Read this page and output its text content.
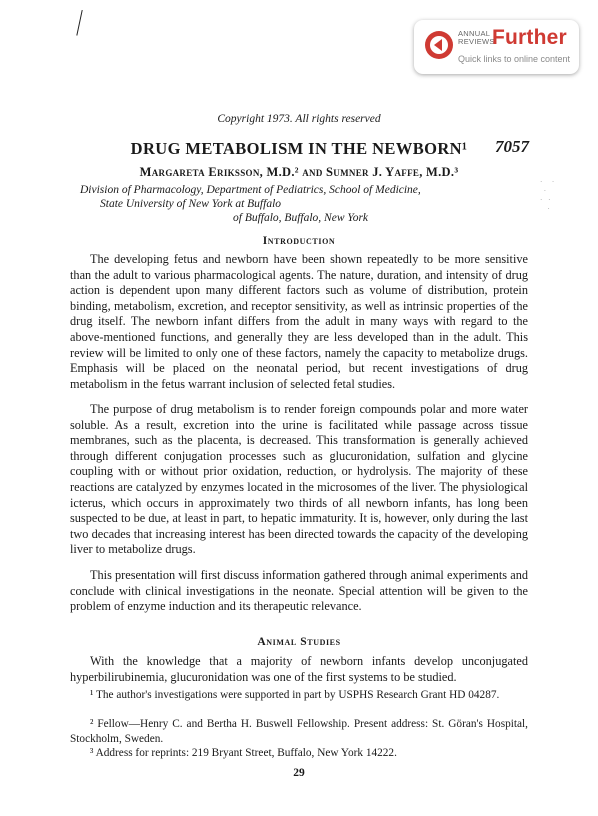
ANNUAL REVIEWS
Further
Quick links to online content
Copyright 1973. All rights reserved
DRUG METABOLISM IN THE NEWBORN¹	7057
Margareta Eriksson, M.D.² and Sumner J. Yaffe, M.D.³
Division of Pharmacology, Department of Pediatrics, School of Medicine,
State University of New York at Buffalo
of Buffalo, Buffalo, New York
·  ·
·
· ·
·
Introduction
The developing fetus and newborn have been shown repeatedly to be more sensitive than the adult to various pharmacological agents. The nature, duration, and intensity of drug action is dependent upon many different factors such as volume of distribution, protein binding, metabolism, excretion, and receptor sensitivity, as well as intrinsic properties of the drug itself. The newborn infant differs from the adult in many ways with regard to the above-mentioned functions, and generally they are less developed than in the adult. This review will be limited to only one of these factors, namely the capacity to metabolize drugs. Emphasis will be placed on the neonatal period, but recent investigations of drug metabolism in the fetus warrant inclusion of selected fetal studies.
The purpose of drug metabolism is to render foreign compounds polar and more water soluble. As a result, excretion into the urine is facilitated while passage across tissue membranes, such as the placenta, is decreased. This transformation is generally achieved through different conjugation processes such as glucuronidation, sulfation and glycine coupling with or without prior oxidation, reduction, or hydrolysis. The majority of these reactions are catalyzed by enzymes located in the microsomes of the liver. The physiological icterus, which occurs in approximately two thirds of all newborn infants, has long been suspected to be due, at least in part, to hepatic immaturity. It is, however, only during the last two decades that increasing interest has been directed towards the capacity of the developing liver to metabolize drugs.
This presentation will first discuss information gathered through animal experiments and conclude with clinical investigations in the neonate. Special attention will be given to the problem of enzyme induction and its therapeutic relevance.
Animal Studies
With the knowledge that a majority of newborn infants develop unconjugated hyperbilirubinemia, glucuronidation was one of the first systems to be studied.
¹ The author's investigations were supported in part by USPHS Research Grant HD 04287.
² Fellow—Henry C. and Bertha H. Buswell Fellowship. Present address: St. Göran's Hospital, Stockholm, Sweden.
³ Address for reprints: 219 Bryant Street, Buffalo, New York 14222.
29
